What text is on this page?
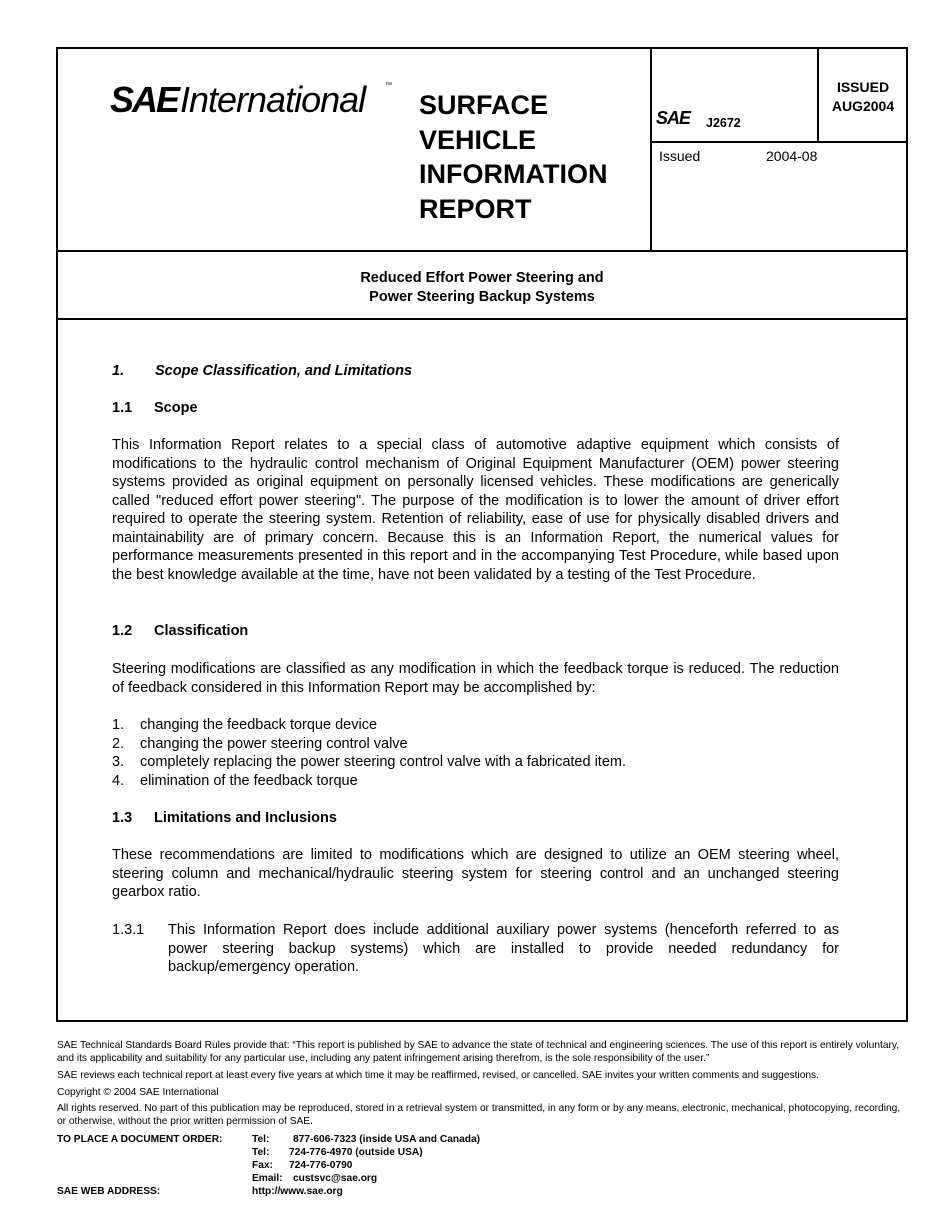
SAE International	™
SURFACE
VEHICLE
INFORMATION
REPORT
SAE J2672
ISSUED
AUG2004
Issued	2004-08
Reduced Effort Power Steering and
Power Steering Backup Systems
1. Scope Classification, and Limitations
1.1 Scope
This Information Report relates to a special class of automotive adaptive equipment which consists of modifications to the hydraulic control mechanism of Original Equipment Manufacturer (OEM) power steering systems provided as original equipment on personally licensed vehicles. These modifications are generically called "reduced effort power steering". The purpose of the modification is to lower the amount of driver effort required to operate the steering system. Retention of reliability, ease of use for physically disabled drivers and maintainability are of primary concern. Because this is an Information Report, the numerical values for performance measurements presented in this report and in the accompanying Test Procedure, while based upon the best knowledge available at the time, have not been validated by a testing of the Test Procedure.
1.2 Classification
Steering modifications are classified as any modification in which the feedback torque is reduced. The reduction of feedback considered in this Information Report may be accomplished by:
1. changing the feedback torque device
2. changing the power steering control valve
3. completely replacing the power steering control valve with a fabricated item.
4. elimination of the feedback torque
1.3 Limitations and Inclusions
These recommendations are limited to modifications which are designed to utilize an OEM steering wheel, steering column and mechanical/hydraulic steering system for steering control and an unchanged steering gearbox ratio.
1.3.1	This Information Report does include additional auxiliary power systems (henceforth referred to as power steering backup systems) which are installed to provide needed redundancy for backup/emergency operation.
SAE Technical Standards Board Rules provide that: “This report is published by SAE to advance the state of technical and engineering sciences. The use of this report is entirely voluntary, and its applicability and suitability for any particular use, including any patent infringement arising therefrom, is the sole responsibility of the user.”
SAE reviews each technical report at least every five years at which time it may be reaffirmed, revised, or cancelled. SAE invites your written comments and suggestions.
Copyright © 2004 SAE International
All rights reserved. No part of this publication may be reproduced, stored in a retrieval system or transmitted, in any form or by any means, electronic, mechanical, photocopying, recording, or otherwise, without the prior written permission of SAE.
TO PLACE A DOCUMENT ORDER:	Tel: 877-606-7323 (inside USA and Canada)
Tel: 724-776-4970 (outside USA)
Fax: 724-776-0790
Email: custsvc@sae.org
SAE WEB ADDRESS:	http://www.sae.org
